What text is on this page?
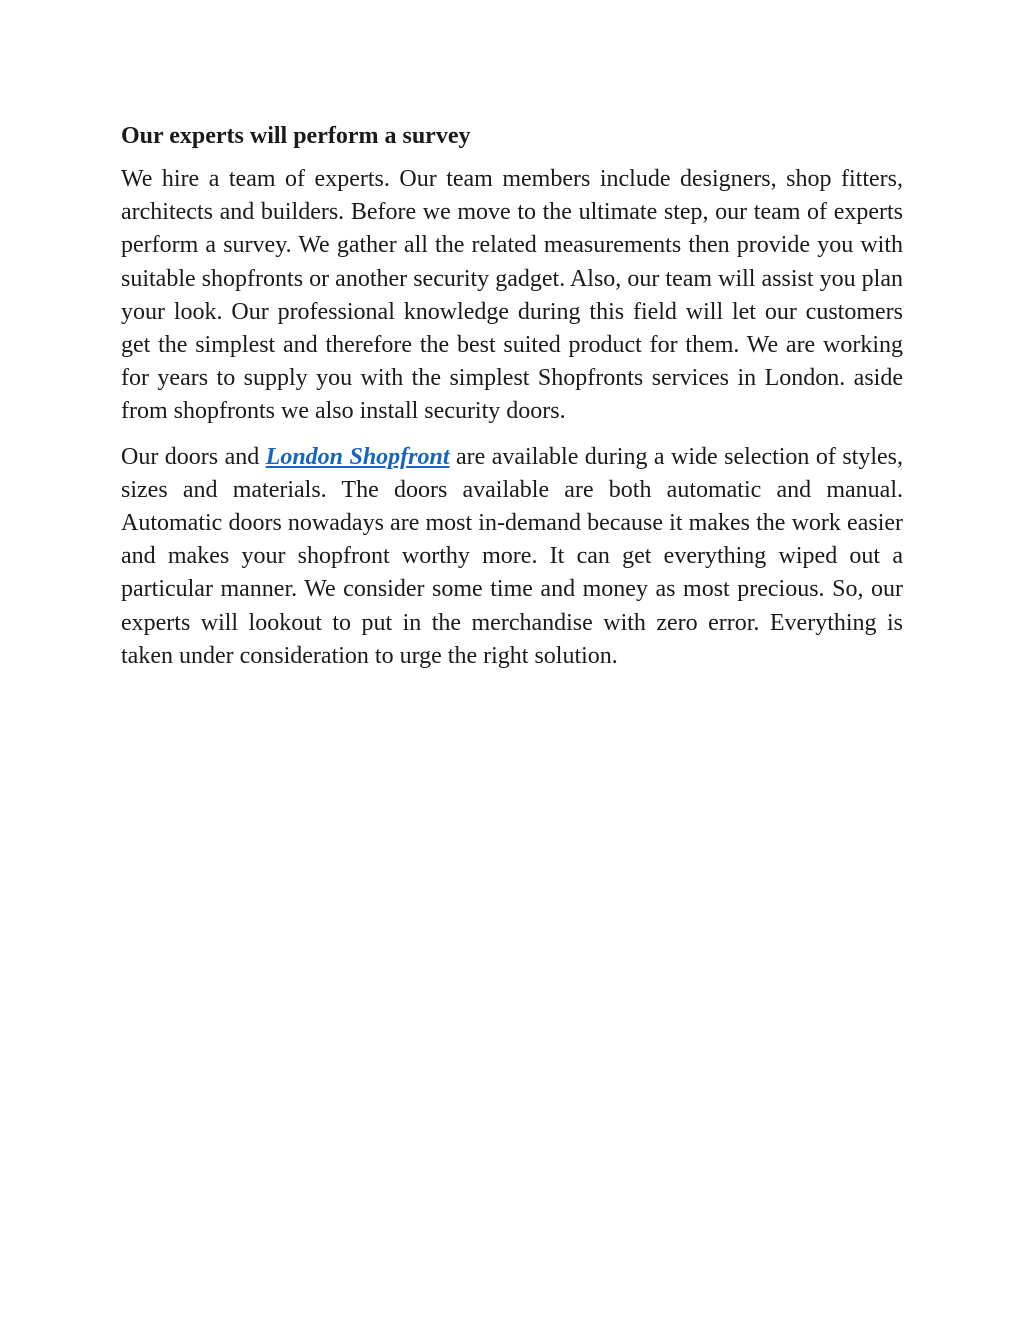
Our experts will perform a survey

We hire a team of experts. Our team members include designers, shop fitters, architects and builders. Before we move to the ultimate step, our team of experts perform a survey. We gather all the related measurements then provide you with suitable shopfronts or another security gadget. Also, our team will assist you plan your look. Our professional knowledge during this field will let our customers get the simplest and therefore the best suited product for them. We are working for years to supply you with the simplest Shopfronts services in London. aside from shopfronts we also install security doors.

Our doors and London Shopfront are available during a wide selection of styles, sizes and materials. The doors available are both automatic and manual. Automatic doors nowadays are most in-demand because it makes the work easier and makes your shopfront worthy more. It can get everything wiped out a particular manner. We consider some time and money as most precious. So, our experts will lookout to put in the merchandise with zero error. Everything is taken under consideration to urge the right solution.
